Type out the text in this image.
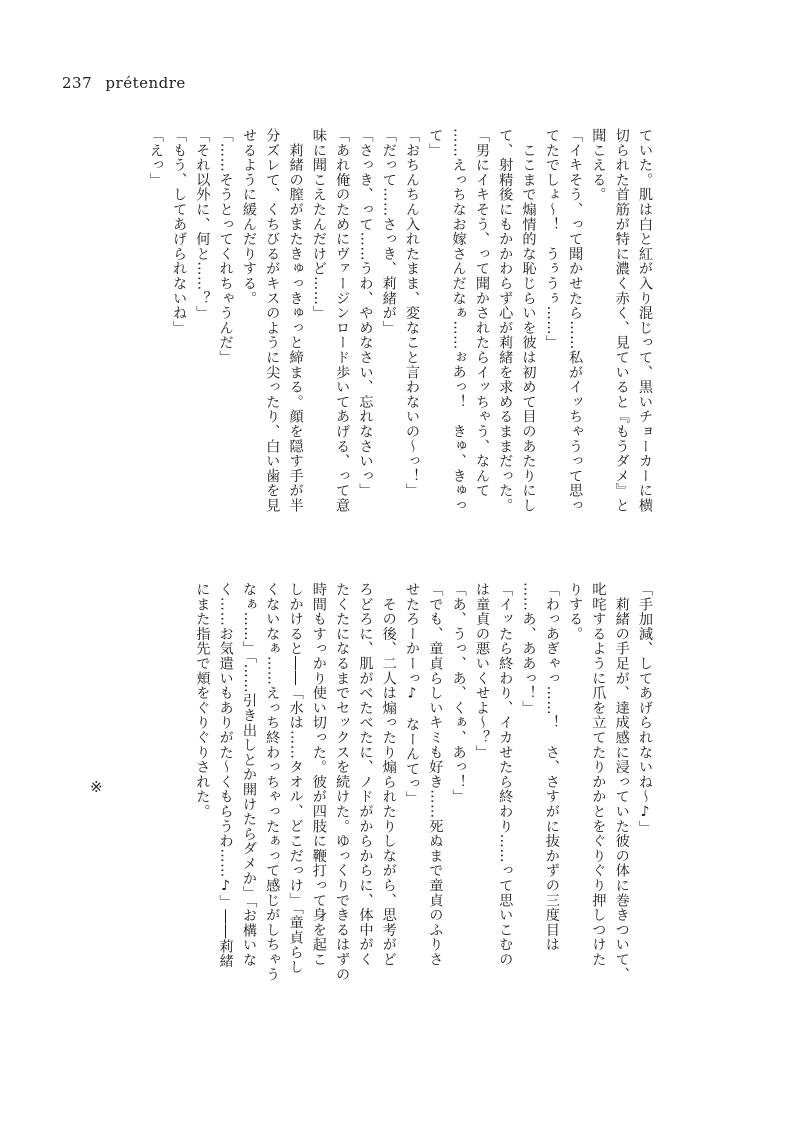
237 prétendre

ていた。肌は白と紅が入り混じって、黒いチョーカーに横

切られた首筋が特に濃く赤く、見ていると『もうダメ』と

聞こえる。

「イキそう、って聞かせたら……私がイッちゃうって思っ

てたでしょ～！　うぅうぅ……」

　ここまで煽情的な恥じらいを彼は初めて目のあたりにし

て、射精後にもかかわらず心が莉緒を求めるままだった。

「男にイキそう、って聞かされたらイッちゃう、なんて

……えっちなお嫁さんだなぁ……ぉあっ！　きゅ、きゅっ

て」

「おちんちん入れたまま、変なこと言わないの～っ！」

「だって……さっき、莉緒が」

「さっき、って……うわ、やめなさい、忘れなさいっ」

「あれ俺のためにヴァージンロード歩いてあげる、って意

味に聞こえたんだけど……」

　莉緒の膣がまたきゅっきゅっと締まる。顔を隠す手が半

分ズレて、くちびるがキスのように尖ったり、白い歯を見

せるように緩んだりする。

「……そうとってくれちゃうんだ」

「それ以外に、何と……？」

「もう、してあげられないね」

「えっ」

「手加減、してあげられないね～♪」

　莉緒の手足が、達成感に浸っていた彼の体に巻きついて、

叱咤するように爪を立てたりかかとをぐりぐり押しつけた

りする。

「わっあぎゃっ……！　さ、さすがに抜かずの三度目は

……あ、ああっ！」

「イッたら終わり、イカせたら終わり……って思いこむの

は童貞の悪いくせよ～？」

「あ、うっ、あ、くぁ、あっ！」

「でも、童貞らしいキミも好き……死ぬまで童貞のふりさ

せたろーかーっ♪　なーんてっ」

　その後、二人は煽ったり煽られたりしながら、思考がど

ろどろに、肌がべたべたに、ノドがからからに、体中がく

たくたになるまでセックスを続けた。ゆっくりできるはずの

時間もすっかり使い切った。彼が四肢に鞭打って身を起こ

しかけると――「水は……タオル、どこだっけ」「童貞らし

くないなぁ……えっち終わっちゃったぁって感じがしちゃう

なぁ……」「……引き出しとか開けたらダメか」「お構いな

く……お気遣いもありがた～くもらうわ……♪」――莉緒

にまた指先で頬をぐりぐりされた。

※
